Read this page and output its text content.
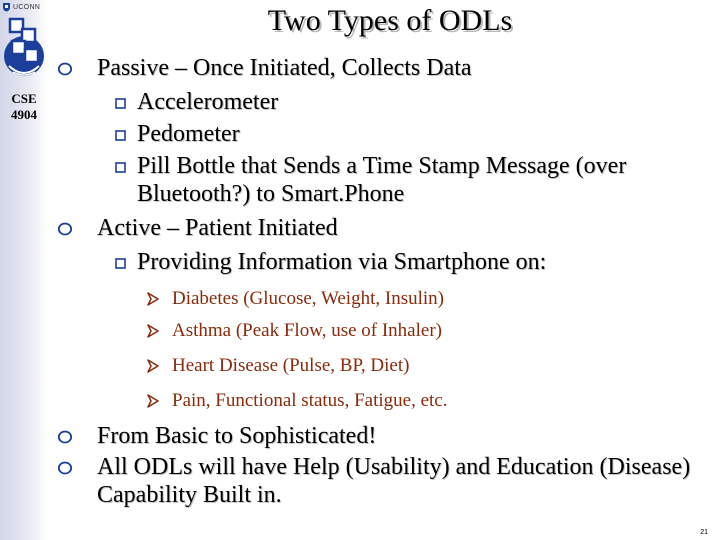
UCONN
CSE 4904
Two Types of ODLs
Passive – Once Initiated, Collects Data
Accelerometer
Pedometer
Pill Bottle that Sends a Time Stamp Message (over Bluetooth?) to Smart.Phone
Active – Patient Initiated
Providing Information via Smartphone on:
Diabetes (Glucose, Weight, Insulin)
Asthma (Peak Flow, use of Inhaler)
Heart Disease (Pulse, BP, Diet)
Pain, Functional status, Fatigue, etc.
From Basic to Sophisticated!
All ODLs will have Help (Usability) and Education (Disease) Capability Built in.
21
